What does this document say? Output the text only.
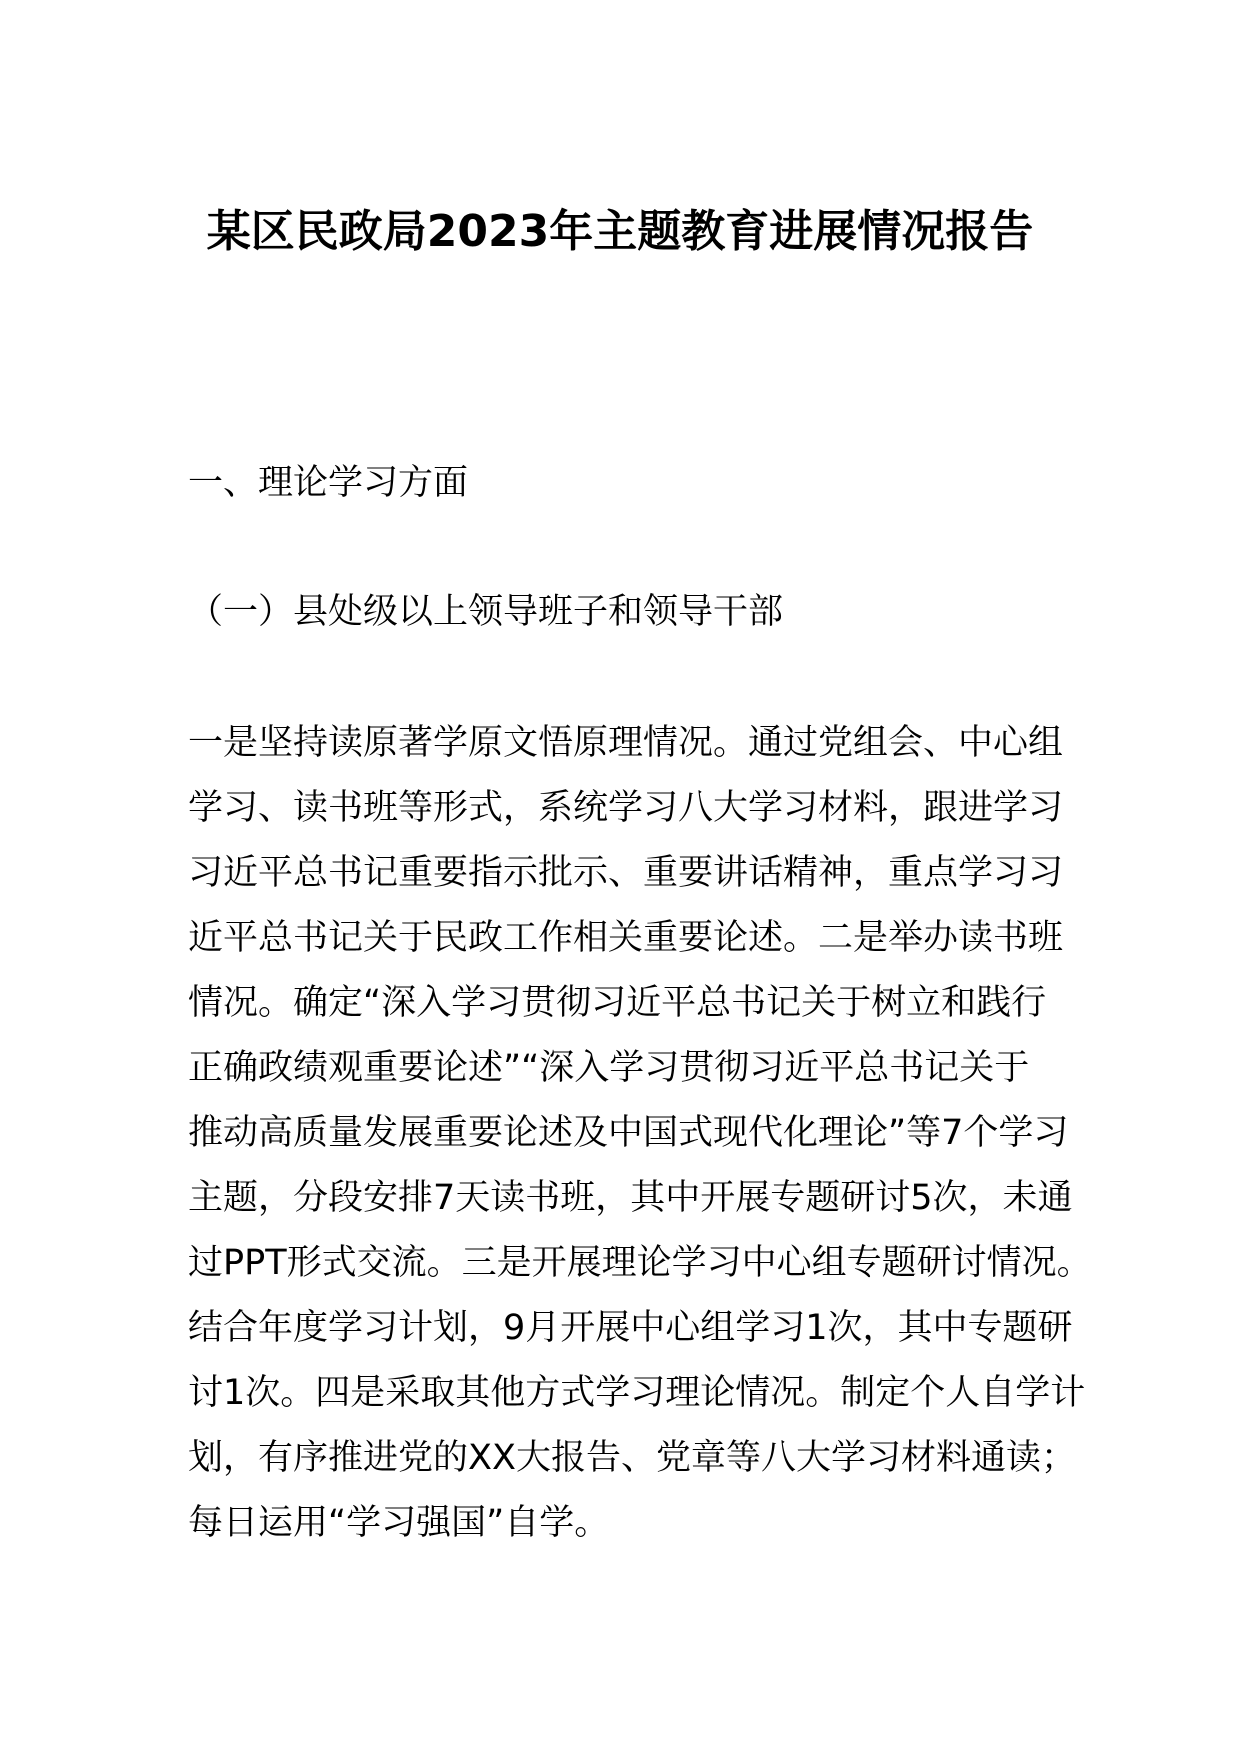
某区民政局2023年主题教育进展情况报告
一、理论学习方面
（一）县处级以上领导班子和领导干部
一是坚持读原著学原文悟原理情况。通过党组会、中心组
学习、读书班等形式，系统学习八大学习材料，跟进学习
习近平总书记重要指示批示、重要讲话精神，重点学习习
近平总书记关于民政工作相关重要论述。二是举办读书班
情况。确定“深入学习贯彻习近平总书记关于树立和践行
正确政绩观重要论述”“深入学习贯彻习近平总书记关于
推动高质量发展重要论述及中国式现代化理论”等7个学习
主题，分段安排7天读书班，其中开展专题研讨5次，未通
过PPT形式交流。三是开展理论学习中心组专题研讨情况。
结合年度学习计划，9月开展中心组学习1次，其中专题研
讨1次。四是采取其他方式学习理论情况。制定个人自学计
划，有序推进党的XX大报告、党章等八大学习材料通读；
每日运用“学习强国”自学。
